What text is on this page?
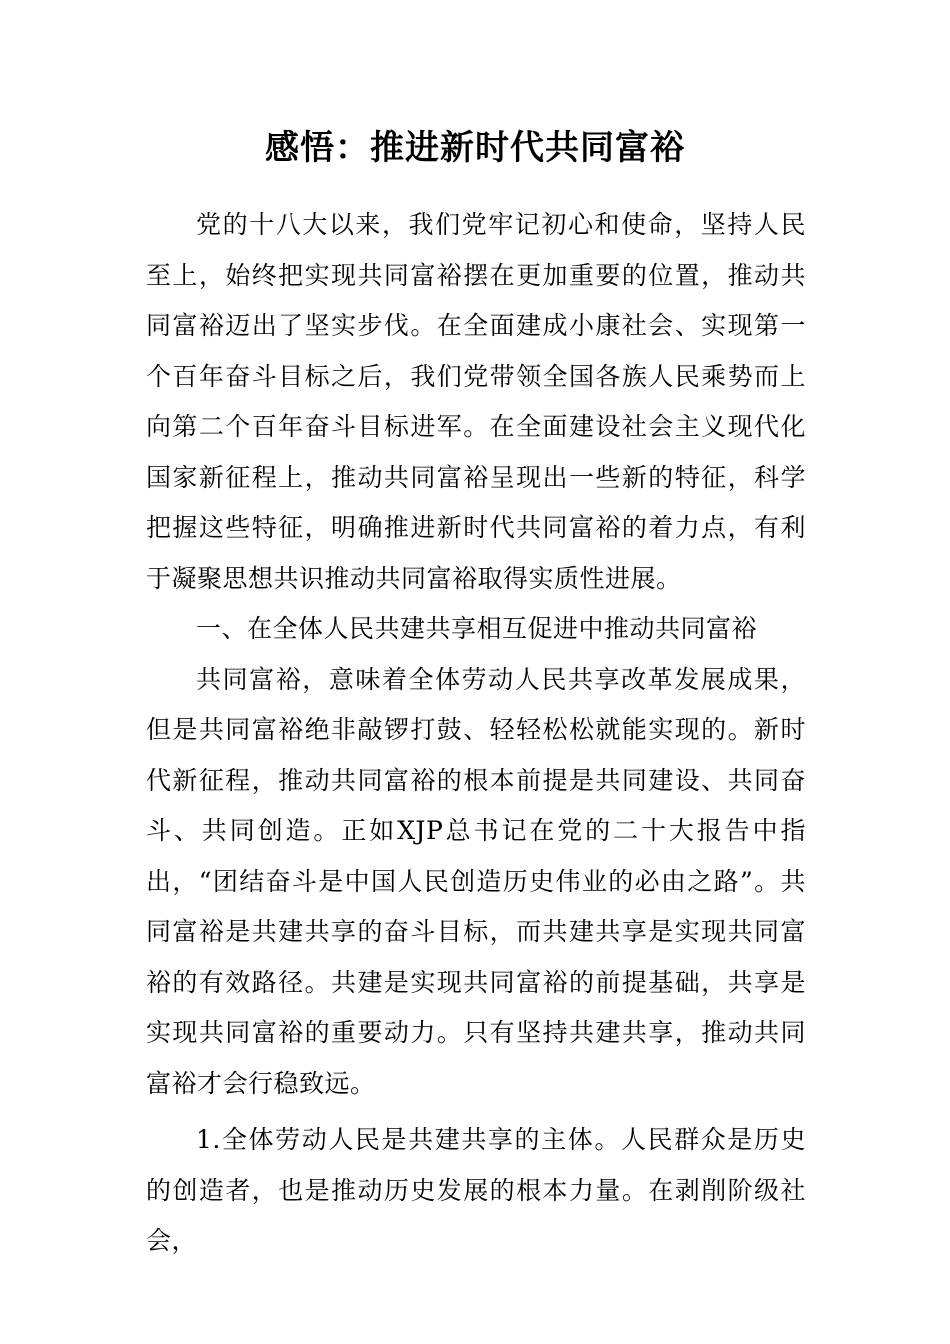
感悟：推进新时代共同富裕

党的十八大以来，我们党牢记初心和使命，坚持人民至上，始终把实现共同富裕摆在更加重要的位置，推动共同富裕迈出了坚实步伐。在全面建成小康社会、实现第一个百年奋斗目标之后，我们党带领全国各族人民乘势而上向第二个百年奋斗目标进军。在全面建设社会主义现代化国家新征程上，推动共同富裕呈现出一些新的特征，科学把握这些特征，明确推进新时代共同富裕的着力点，有利于凝聚思想共识推动共同富裕取得实质性进展。

一、在全体人民共建共享相互促进中推动共同富裕

共同富裕，意味着全体劳动人民共享改革发展成果，但是共同富裕绝非敲锣打鼓、轻轻松松就能实现的。新时代新征程，推动共同富裕的根本前提是共同建设、共同奋斗、共同创造。正如XJP总书记在党的二十大报告中指出，“团结奋斗是中国人民创造历史伟业的必由之路”。共同富裕是共建共享的奋斗目标，而共建共享是实现共同富裕的有效路径。共建是实现共同富裕的前提基础，共享是实现共同富裕的重要动力。只有坚持共建共享，推动共同富裕才会行稳致远。

1.全体劳动人民是共建共享的主体。人民群众是历史的创造者，也是推动历史发展的根本力量。在剥削阶级社会，
